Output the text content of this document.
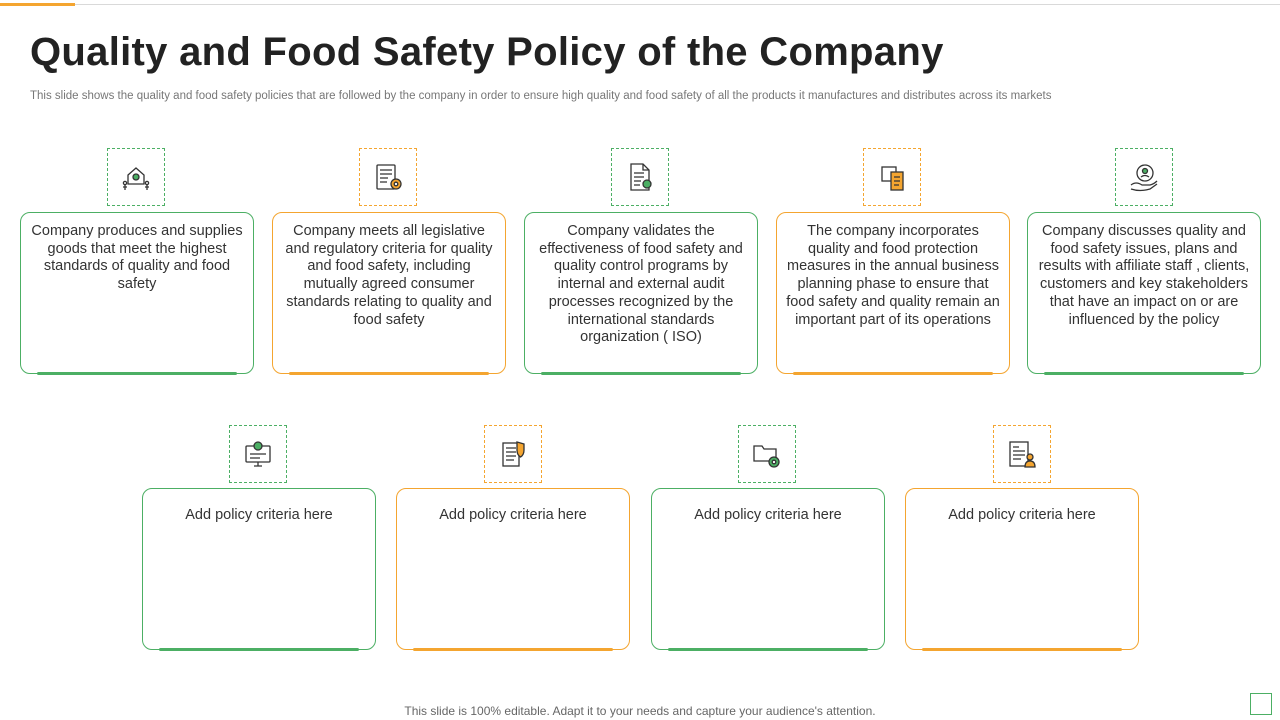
Quality and Food Safety Policy of the Company

This slide shows the quality and food safety policies that are followed by the company in order to ensure high quality and food safety of all the products it manufactures and distributes across its markets

Company produces and supplies goods that meet the highest standards of quality and food safety
Company meets all legislative and regulatory criteria for quality and food safety, including mutually agreed consumer standards relating to quality and food safety
Company validates the effectiveness of food safety and quality control programs by internal and external audit processes recognized by the international standards organization ( ISO)
The company incorporates quality and food protection measures in the annual business planning phase to ensure that food safety and quality remain an important part of its operations
Company discusses quality and food safety issues, plans and results with affiliate staff , clients, customers and key stakeholders that have an impact on or are influenced by the policy
Add policy criteria here	Add policy criteria here	Add policy criteria here	Add policy criteria here
This slide is 100% editable. Adapt it to your needs and capture your audience's attention.
